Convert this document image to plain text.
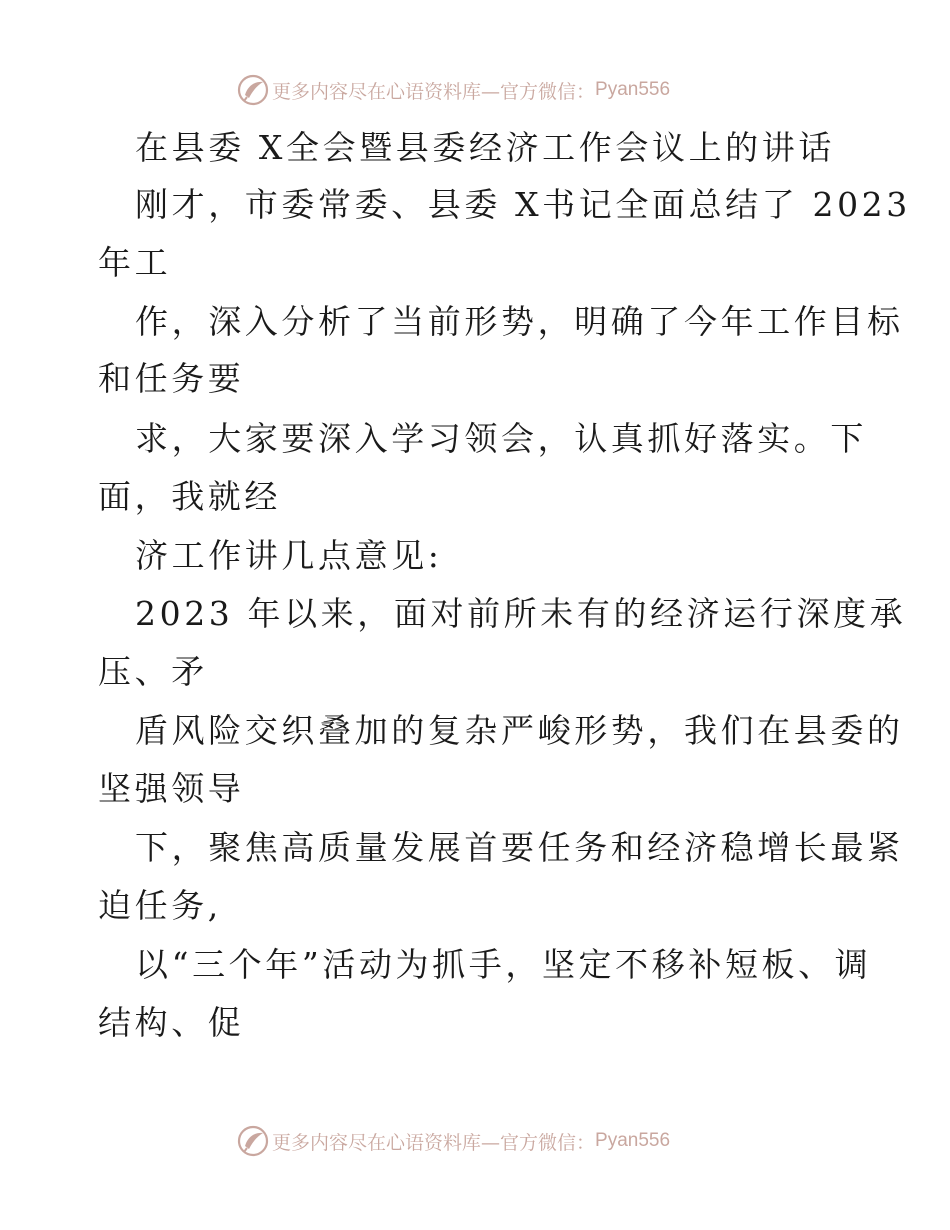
更多内容尽在心语资料库—官方微信： Pyan556
在县委 X全会暨县委经济工作会议上的讲话
刚才，市委常委、县委 X书记全面总结了 2023
年工
作，深入分析了当前形势，明确了今年工作目标
和任务要
求，大家要深入学习领会，认真抓好落实。下
面，我就经
济工作讲几点意见:
2023 年以来，面对前所未有的经济运行深度承
压、矛
盾风险交织叠加的复杂严峻形势，我们在县委的
坚强领导
下，聚焦高质量发展首要任务和经济稳增长最紧
迫任务,
以“三个年”活动为抓手，坚定不移补短板、调
结构、促
更多内容尽在心语资料库—官方微信： Pyan556
